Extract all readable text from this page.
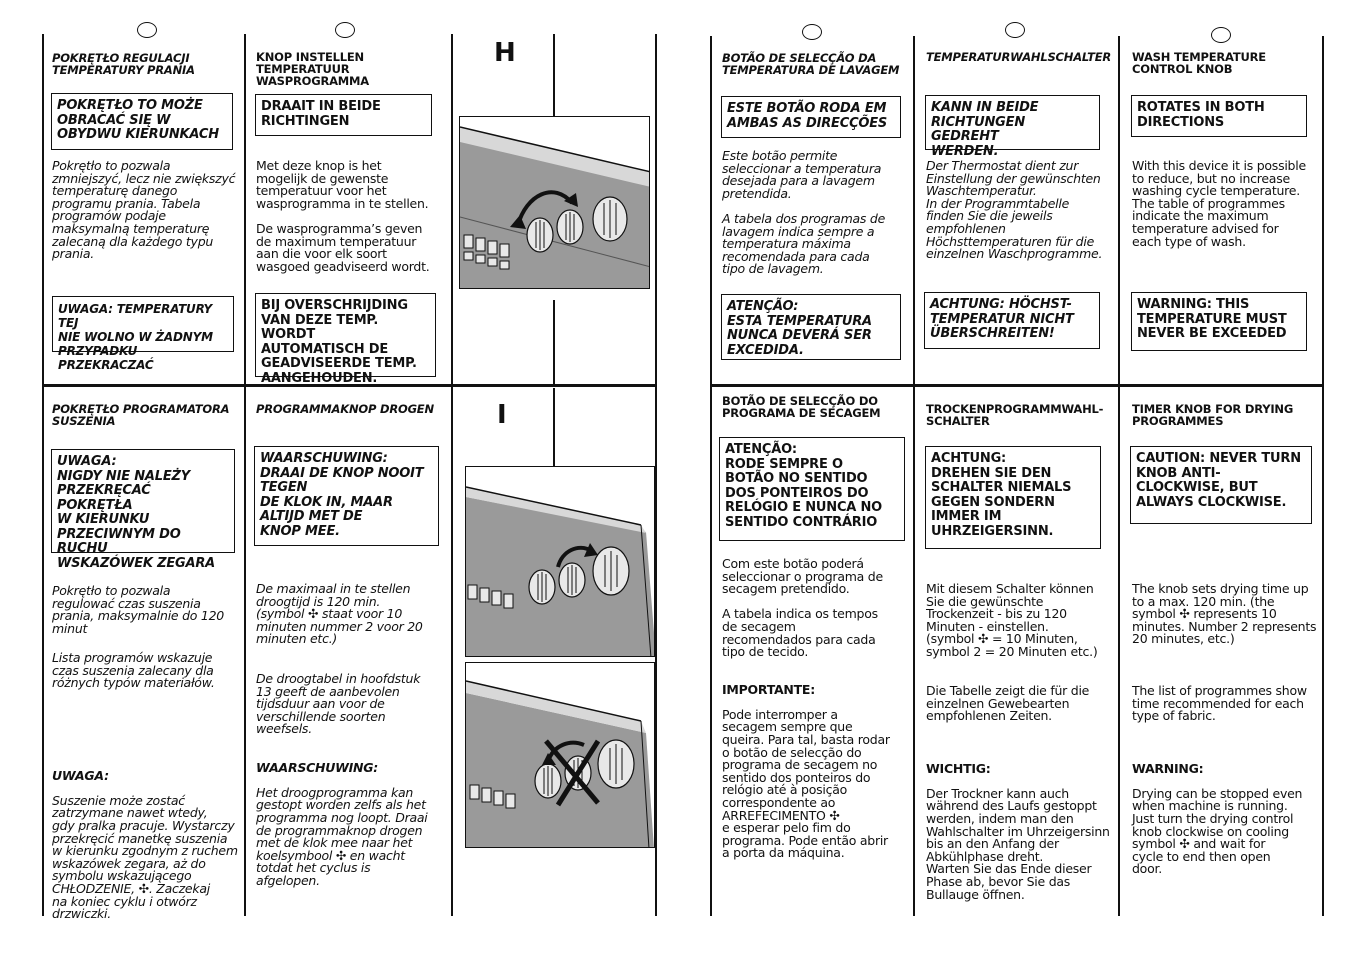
H
I
POKRĘTŁO REGULACJI
TEMPERATURY PRANIA
POKRĘTŁO TO MOŻE
OBRACAĆ SIĘ W
OBYDWU KIERUNKACH
Pokrętło to pozwala
zmniejszyć, lecz nie zwiększyć
temperaturę danego
programu prania. Tabela
programów podaje
maksymalną temperaturę
zalecaną dla każdego typu
prania.
UWAGA: TEMPERATURY TEJ
NIE WOLNO W ŻADNYM
PRZYPADKU PRZEKRACZAĆ
KNOP INSTELLEN TEMPERATUUR
WASPROGRAMMA
DRAAIT IN BEIDE
RICHTINGEN
Met deze knop is het
mogelijk de gewenste
temperatuur voor het
wasprogramma in te stellen.

De wasprogramma’s geven
de maximum temperatuur
aan die voor elk soort
wasgoed geadviseerd wordt.
BIJ OVERSCHRIJDING
VAN DEZE TEMP. WORDT
AUTOMATISCH DE
GEADVISEERDE TEMP.
AANGEHOUDEN.
POKRĘTŁO PROGRAMATORA
SUSZENIA
UWAGA:
NIGDY NIE NALEŻY
PRZEKRĘCAĆ POKRĘTŁA
W KIERUNKU
PRZECIWNYM DO RUCHU
WSKAZÓWEK ZEGARA
Pokrętło to pozwala
regulować czas suszenia
prania, maksymalnie do 120
minut
Lista programów wskazuje
czas suszenia zalecany dla
różnych typów materiałów.

UWAGA:

Suszenie może zostać
zatrzymane nawet wtedy,
gdy pralka pracuje. Wystarczy
przekręcić manetkę suszenia
w kierunku zgodnym z ruchem
wskazówek zegara, aż do
symbolu wskazującego
CHŁODZENIE, ✣. Zaczekaj
na koniec cyklu i otwórz
drzwiczki.

PROGRAMMAKNOP DROGEN
WAARSCHUWING:
DRAAI DE KNOP NOOIT
TEGEN
DE KLOK IN, MAAR
ALTIJD MET DE
KNOP MEE.
De maximaal in te stellen
droogtijd is 120 min.
(symbol ✣ staat voor 10
minuten nummer 2 voor 20
minuten etc.)
De droogtabel in hoofdstuk
13 geeft de aanbevolen
tijdsduur aan voor de
verschillende soorten
weefsels.

WAARSCHUWING:

Het droogprogramma kan
gestopt worden zelfs als het
programma nog loopt. Draai
de programmaknop drogen
met de klok mee naar het
koelsymbool ✣ en wacht
totdat het cyclus is
afgelopen.

BOTÃO DE SELECÇÃO DA
TEMPERATURA DE LAVAGEM
ESTE BOTÃO RODA EM
AMBAS AS DIRECÇÕES
Este botão permite
seleccionar a temperatura
desejada para a lavagem
pretendida.

A tabela dos programas de
lavagem indica sempre a
temperatura máxima
recomendada para cada
tipo de lavagem.
ATENÇÃO:
ESTA TEMPERATURA
NUNCA DEVERÁ SER
EXCEDIDA.
TEMPERATURWAHLSCHALTER
KANN IN BEIDE
RICHTUNGEN GEDREHT
WERDEN.
Der Thermostat dient zur
Einstellung der gewünschten
Waschtemperatur.
In der Programmtabelle
finden Sie die jeweils
empfohlenen
Höchsttemperaturen für die
einzelnen Waschprogramme.
ACHTUNG: HÖCHST-
TEMPERATUR NICHT
ÜBERSCHREITEN!
WASH TEMPERATURE
CONTROL KNOB
ROTATES IN BOTH
DIRECTIONS
With this device it is possible
to reduce, but no increase
washing cycle temperature.
The table of programmes
indicate the maximum
temperature advised for
each type of wash.
WARNING: THIS
TEMPERATURE MUST
NEVER BE EXCEEDED
BOTÃO DE SELECÇÃO DO
PROGRAMA DE SECAGEM
ATENÇÃO:
RODE SEMPRE O
BOTÃO NO SENTIDO
DOS PONTEIROS DO
RELÓGIO E NUNCA NO
SENTIDO CONTRÁRIO
Com este botão poderá
seleccionar o programa de
secagem pretendido.

A tabela indica os tempos
de secagem
recomendados para cada
tipo de tecido.

IMPORTANTE:

Pode interromper a
secagem sempre que
queira. Para tal, basta rodar
o botão de selecção do
programa de secagem no
sentido dos ponteiros do
relógio até à posição
correspondente ao
ARREFECIMENTO ✣
e esperar pelo fim do
programa. Pode então abrir
a porta da máquina.

TROCKENPROGRAMMWAHL-
SCHALTER
ACHTUNG:
DREHEN SIE DEN
SCHALTER NIEMALS
GEGEN SONDERN
IMMER IM
UHRZEIGERSINN.
Mit diesem Schalter können
Sie die gewünschte
Trockenzeit - bis zu 120
Minuten - einstellen.
(symbol ✣ = 10 Minuten,
symbol 2 = 20 Minuten etc.)
Die Tabelle zeigt die für die
einzelnen Gewebearten
empfohlenen Zeiten.

WICHTIG:

Der Trockner kann auch
während des Laufs gestoppt
werden, indem man den
Wahlschalter im Uhrzeigersinn
bis an den Anfang der
Abkühlphase dreht.
Warten Sie das Ende dieser
Phase ab, bevor Sie das
Bullauge öffnen.

TIMER KNOB FOR DRYING
PROGRAMMES
CAUTION: NEVER TURN
KNOB ANTI-
CLOCKWISE, BUT
ALWAYS CLOCKWISE.
The knob sets drying time up
to a max. 120 min. (the
symbol ✣ represents 10
minutes. Number 2 represents
20 minutes, etc.)
The list of programmes show
time recommended for each
type of fabric.

WARNING:

Drying can be stopped even
when machine is running.
Just turn the drying control
knob clockwise on cooling
symbol ✣ and wait for
cycle to end then open
door.
